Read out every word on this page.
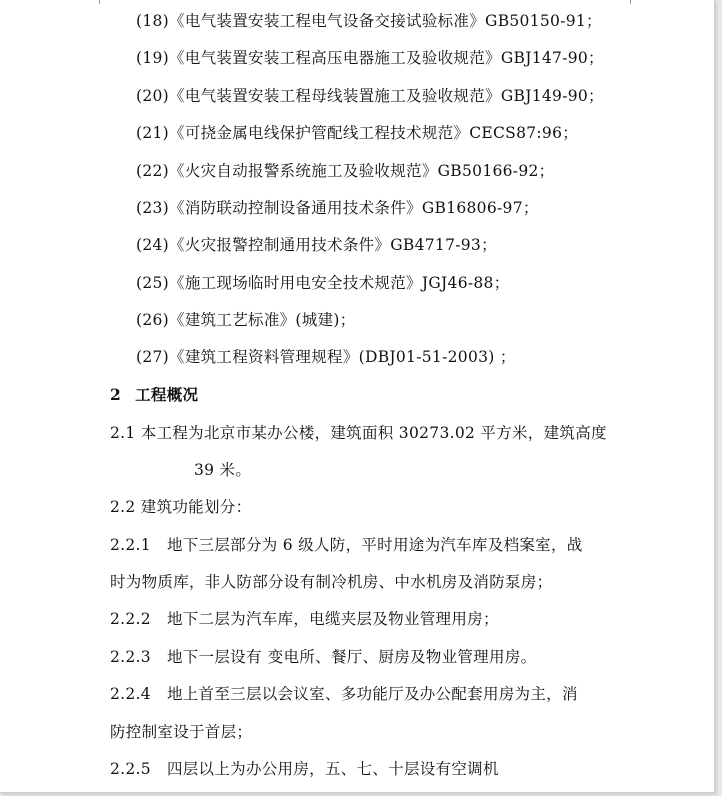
(18)《电气装置安装工程电气设备交接试验标准》GB50150-91；
(19)《电气装置安装工程高压电器施工及验收规范》GBJ147-90；
(20)《电气装置安装工程母线装置施工及验收规范》GBJ149-90；
(21)《可挠金属电线保护管配线工程技术规范》CECS87:96；
(22)《火灾自动报警系统施工及验收规范》GB50166-92；
(23)《消防联动控制设备通用技术条件》GB16806-97；
(24)《火灾报警控制通用技术条件》GB4717-93；
(25)《施工现场临时用电安全技术规范》JGJ46-88；
(26)《建筑工艺标准》(城建)；
(27)《建筑工程资料管理规程》(DBJ01-51-2003) ；
2 工程概况
2.1 本工程为北京市某办公楼，建筑面积 30273.02 平方米，建筑高度
39 米。
2.2 建筑功能划分：
2.2.1 地下三层部分为 6 级人防，平时用途为汽车库及档案室，战
时为物质库，非人防部分设有制冷机房、中水机房及消防泵房；
2.2.2 地下二层为汽车库，电缆夹层及物业管理用房；
2.2.3 地下一层设有 变电所、餐厅、厨房及物业管理用房。
2.2.4 地上首至三层以会议室、多功能厅及办公配套用房为主，消
防控制室设于首层；
2.2.5 四层以上为办公用房，五、七、十层设有空调机
